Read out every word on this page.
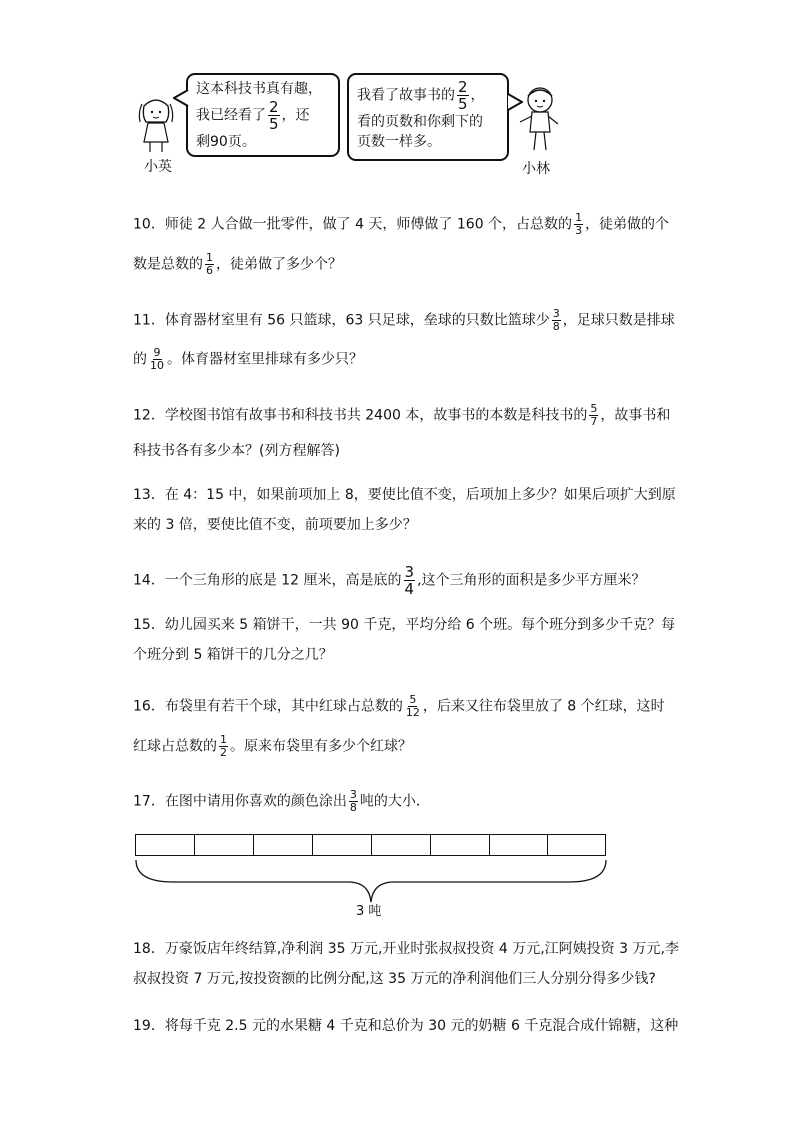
小英
这本科技书真有趣，
我已经看了 $\frac{2}{5}$ ，还
剩90页。
我看了故事书的 $\frac{2}{5}$ ，
看的页数和你剩下的
页数一样多。
小林
10．师徒 2 人合做一批零件，做了 4 天，师傅做了 160 个，占总数的 $\frac{1}{3}$ ，徒弟做的个
数是总数的 $\frac{1}{6}$ ，徒弟做了多少个？
11．体育器材室里有 56 只篮球，63 只足球，垒球的只数比篮球少 $\frac{3}{8}$ ，足球只数是排球
的 $\frac{9}{10}$ 。体育器材室里排球有多少只？
12．学校图书馆有故事书和科技书共 2400 本，故事书的本数是科技书的 $\frac{5}{7}$ ，故事书和
科技书各有多少本？(列方程解答)
13．在 4：15 中，如果前项加上 8，要使比值不变，后项加上多少？如果后项扩大到原
来的 3 倍，要使比值不变，前项要加上多少？
14．一个三角形的底是 12 厘米，高是底的 $\frac{3}{4}$ ,这个三角形的面积是多少平方厘米？
15．幼儿园买来 5 箱饼干，一共 90 千克，平均分给 6 个班。每个班分到多少千克？每
个班分到 5 箱饼干的几分之几？
16．布袋里有若干个球，其中红球占总数的 $\frac{5}{12}$ ，后来又往布袋里放了 8 个红球，这时
红球占总数的 $\frac{1}{2}$ 。原来布袋里有多少个红球？
17．在图中请用你喜欢的颜色涂出 $\frac{3}{8}$ 吨的大小．
3 吨
18．万豪饭店年终结算,净利润 35 万元,开业时张叔叔投资 4 万元,江阿姨投资 3 万元,李
叔叔投资 7 万元,按投资额的比例分配,这 35 万元的净利润他们三人分别分得多少钱?
19．将每千克 2.5 元的水果糖 4 千克和总价为 30 元的奶糖 6 千克混合成什锦糖，这种
